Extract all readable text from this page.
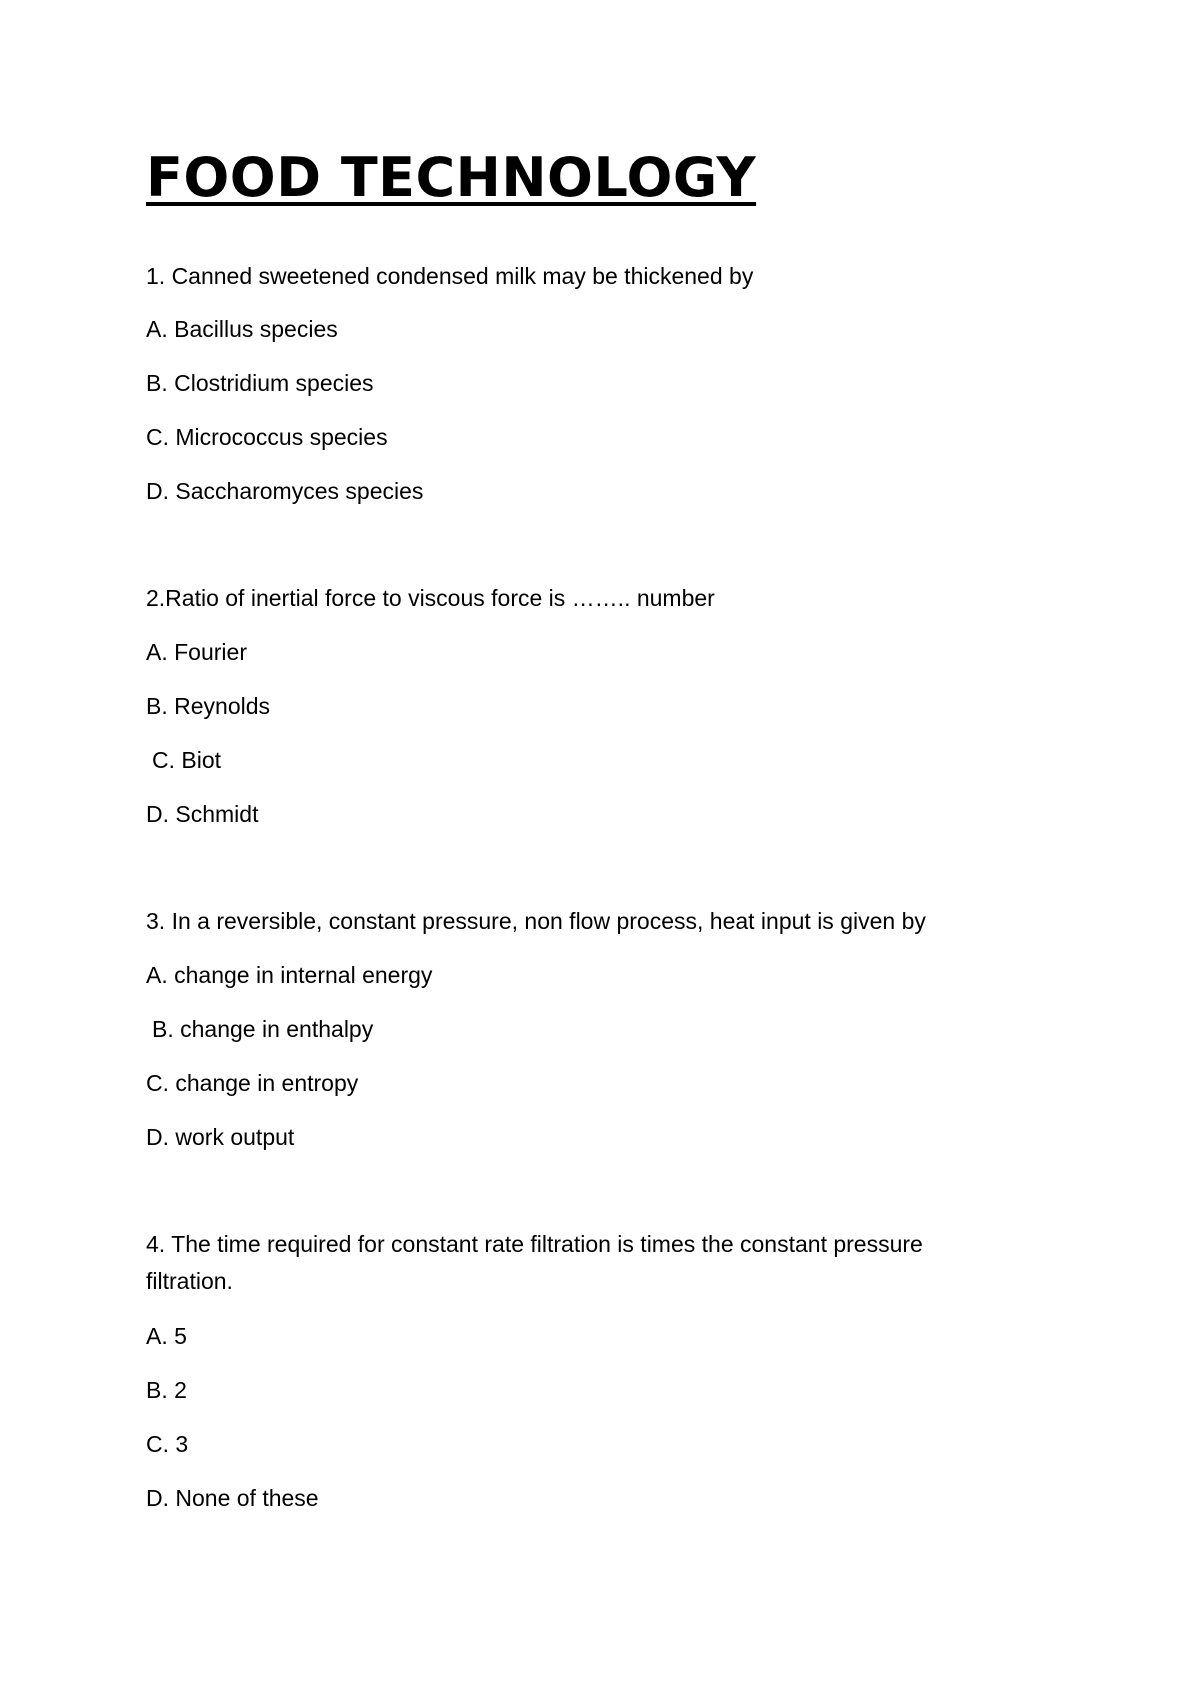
FOOD TECHNOLOGY

1. Canned sweetened condensed milk may be thickened by

A. Bacillus species

B. Clostridium species

C. Micrococcus species

D. Saccharomyces species

2.Ratio of inertial force to viscous force is …….. number

A. Fourier

B. Reynolds

C. Biot

D. Schmidt

3. In a reversible, constant pressure, non flow process, heat input is given by

A. change in internal energy

B. change in enthalpy

C. change in entropy

D. work output

4. The time required for constant rate filtration is times the constant pressure

filtration.

A. 5

B. 2

C. 3

D. None of these
